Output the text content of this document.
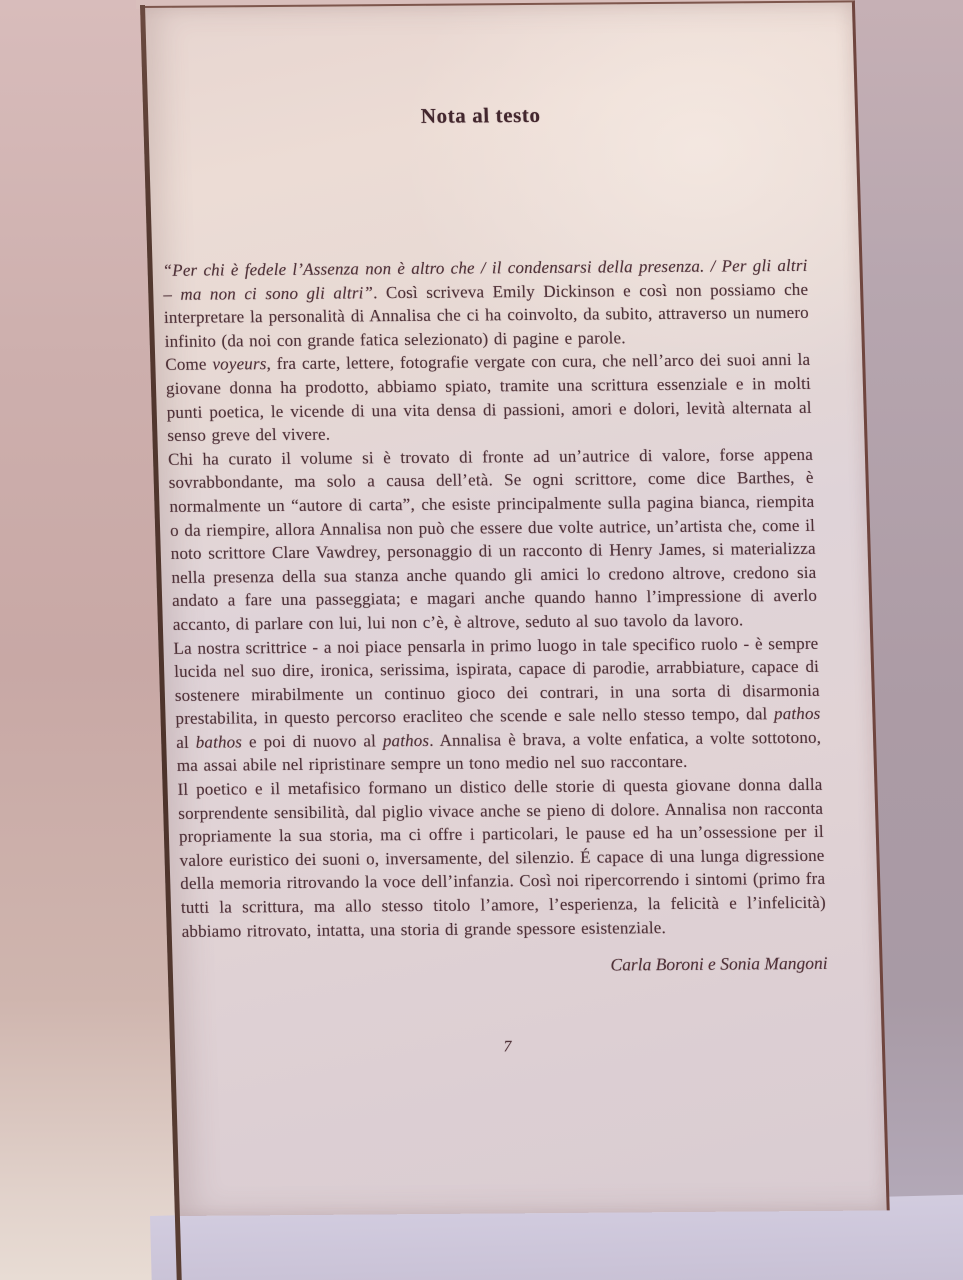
Nota al testo

“Per chi è fedele l’Assenza non è altro che / il condensarsi della presenza. / Per gli altri – ma non ci sono gli altri”. Così scriveva Emily Dickinson e così non possiamo che interpretare la personalità di Annalisa che ci ha coinvolto, da subito, attraverso un numero infinito (da noi con grande fatica selezionato) di pagine e parole.

Come voyeurs, fra carte, lettere, fotografie vergate con cura, che nell’arco dei suoi anni la giovane donna ha prodotto, abbiamo spiato, tramite una scrittura essenziale e in molti punti poetica, le vicende di una vita densa di passioni, amori e dolori, levità alternata al senso greve del vivere.

Chi ha curato il volume si è trovato di fronte ad un’autrice di valore, forse appena sovrabbondante, ma solo a causa dell’età. Se ogni scrittore, come dice Barthes, è normalmente un “autore di carta”, che esiste principalmente sulla pagina bianca, riempita o da riempire, allora Annalisa non può che essere due volte autrice, un’artista che, come il noto scrittore Clare Vawdrey, personaggio di un racconto di Henry James, si materializza nella presenza della sua stanza anche quando gli amici lo credono altrove, credono sia andato a fare una passeggiata; e magari anche quando hanno l’impressione di averlo accanto, di parlare con lui, lui non c’è, è altrove, seduto al suo tavolo da lavoro.

La nostra scrittrice - a noi piace pensarla in primo luogo in tale specifico ruolo - è sempre lucida nel suo dire, ironica, serissima, ispirata, capace di parodie, arrabbiature, capace di sostenere mirabilmente un continuo gioco dei contrari, in una sorta di disarmonia prestabilita, in questo percorso eracliteo che scende e sale nello stesso tempo, dal pathos al bathos e poi di nuovo al pathos. Annalisa è brava, a volte enfatica, a volte sottotono, ma assai abile nel ripristinare sempre un tono medio nel suo raccontare.

Il poetico e il metafisico formano un distico delle storie di questa giovane donna dalla sorprendente sensibilità, dal piglio vivace anche se pieno di dolore. Annalisa non racconta propriamente la sua storia, ma ci offre i particolari, le pause ed ha un’ossessione per il valore euristico dei suoni o, inversamente, del silenzio. É capace di una lunga digressione della memoria ritrovando la voce dell’infanzia. Così noi ripercorrendo i sintomi (primo fra tutti la scrittura, ma allo stesso titolo l’amore, l’esperienza, la felicità e l’infelicità) abbiamo ritrovato, intatta, una storia di grande spessore esistenziale.

Carla Boroni e Sonia Mangoni
7
